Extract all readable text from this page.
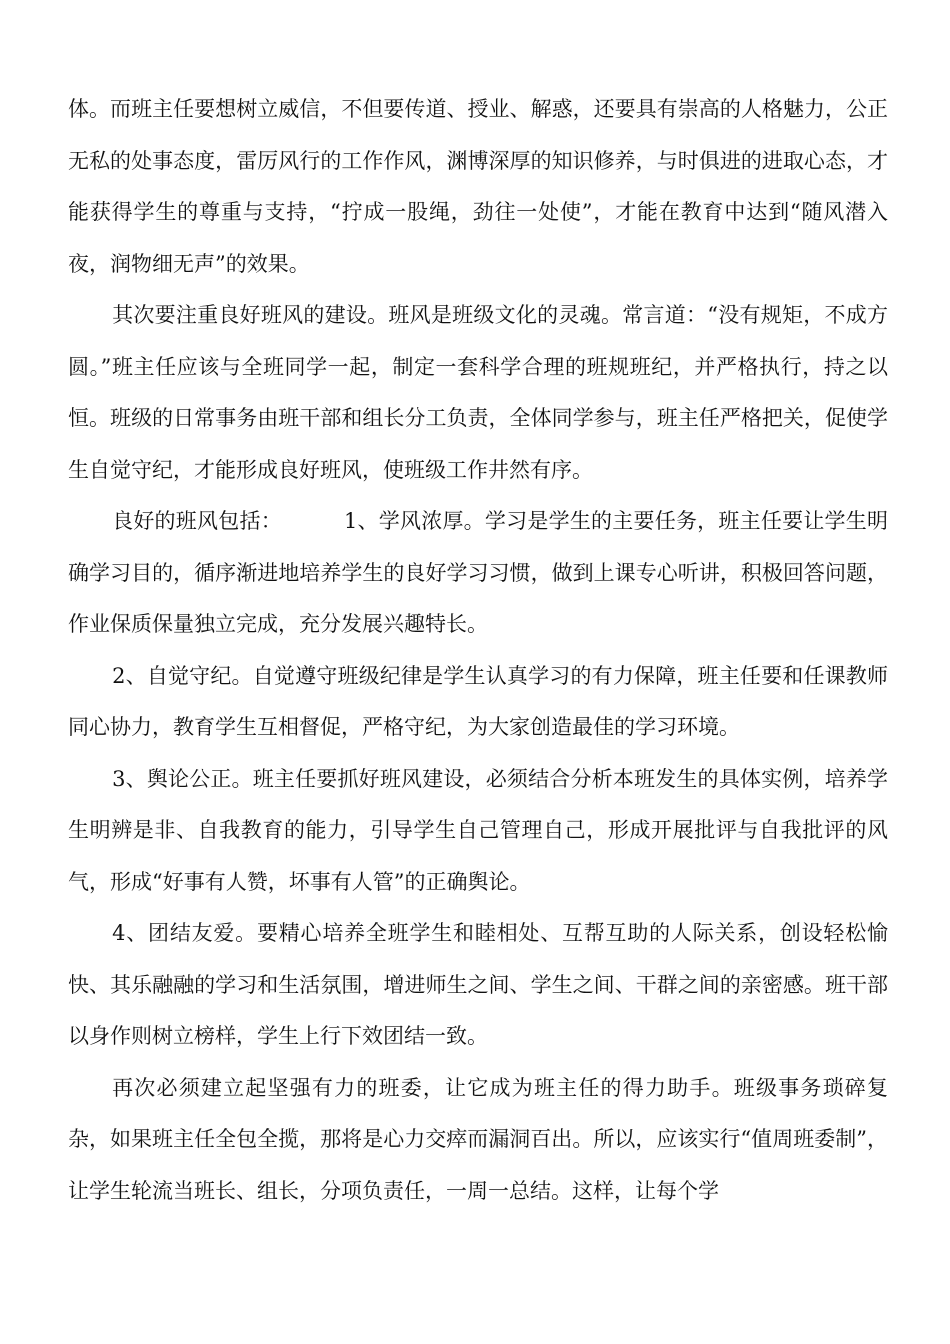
体。而班主任要想树立威信，不但要传道、授业、解惑，还要具有崇高的人格魅力，公正无私的处事态度，雷厉风行的工作作风，渊博深厚的知识修养，与时俱进的进取心态，才能获得学生的尊重与支持，“拧成一股绳，劲往一处使”，才能在教育中达到“随风潜入夜，润物细无声”的效果。

其次要注重良好班风的建设。班风是班级文化的灵魂。常言道：“没有规矩，不成方圆。”班主任应该与全班同学一起，制定一套科学合理的班规班纪，并严格执行，持之以恒。班级的日常事务由班干部和组长分工负责，全体同学参与，班主任严格把关，促使学生自觉守纪，才能形成良好班风，使班级工作井然有序。

良好的班风包括：	1、学风浓厚。学习是学生的主要任务，班主任要让学生明确学习目的，循序渐进地培养学生的良好学习习惯，做到上课专心听讲，积极回答问题，作业保质保量独立完成，充分发展兴趣特长。

2、自觉守纪。自觉遵守班级纪律是学生认真学习的有力保障，班主任要和任课教师同心协力，教育学生互相督促，严格守纪，为大家创造最佳的学习环境。

3、舆论公正。班主任要抓好班风建设，必须结合分析本班发生的具体实例，培养学生明辨是非、自我教育的能力，引导学生自己管理自己，形成开展批评与自我批评的风气，形成“好事有人赞，坏事有人管”的正确舆论。

4、团结友爱。要精心培养全班学生和睦相处、互帮互助的人际关系，创设轻松愉快、其乐融融的学习和生活氛围，增进师生之间、学生之间、干群之间的亲密感。班干部以身作则树立榜样，学生上行下效团结一致。

再次必须建立起坚强有力的班委，让它成为班主任的得力助手。班级事务琐碎复杂，如果班主任全包全揽，那将是心力交瘁而漏洞百出。所以，应该实行“值周班委制”，让学生轮流当班长、组长，分项负责任，一周一总结。这样，让每个学
